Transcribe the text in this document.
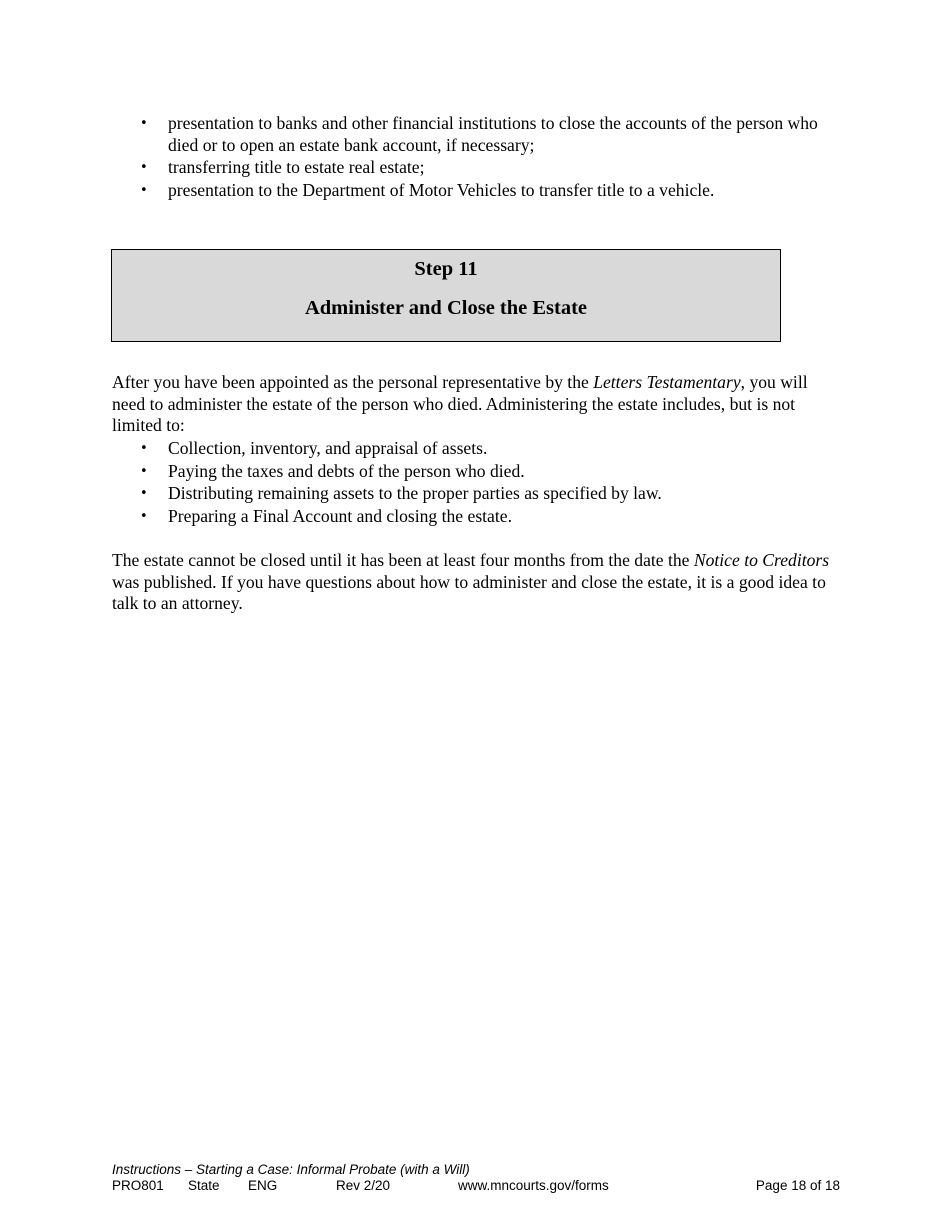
• presentation to banks and other financial institutions to close the accounts of the person who died or to open an estate bank account, if necessary;
• transferring title to estate real estate;
• presentation to the Department of Motor Vehicles to transfer title to a vehicle.
Step 11
Administer and Close the Estate

After you have been appointed as the personal representative by the Letters Testamentary, you will need to administer the estate of the person who died. Administering the estate includes, but is not limited to:

• Collection, inventory, and appraisal of assets.
• Paying the taxes and debts of the person who died.
• Distributing remaining assets to the proper parties as specified by law.
• Preparing a Final Account and closing the estate.

The estate cannot be closed until it has been at least four months from the date the Notice to Creditors was published. If you have questions about how to administer and close the estate, it is a good idea to talk to an attorney.

Instructions – Starting a Case: Informal Probate (with a Will)
PRO801 State ENG	Rev 2/20	www.mncourts.gov/forms	Page 18 of 18
